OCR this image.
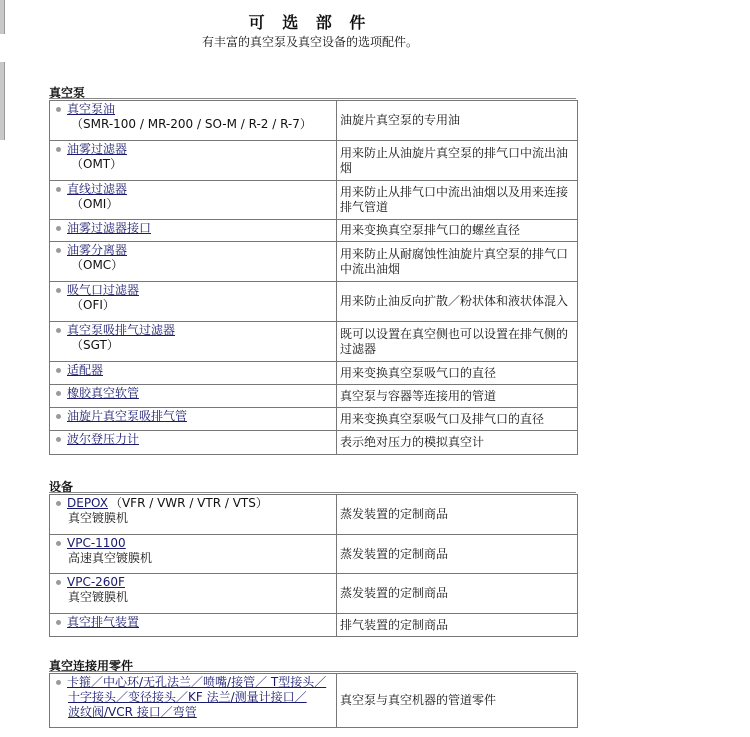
可 选 部 件
有丰富的真空泵及真空设备的选项配件。
真空泵
真空泵油
（SMR-100 / MR-200 / SO-M / R-2 / R-7）	油旋片真空泵的专用油
油雾过滤器
（OMT）	用来防止从油旋片真空泵的排气口中流出油烟
直线过滤器
（OMI）	用来防止从排气口中流出油烟以及用来连接排气管道
油雾过滤器接口	用来变换真空泵排气口的螺丝直径
油雾分离器
（OMC）	用来防止从耐腐蚀性油旋片真空泵的排气口中流出油烟
吸气口过滤器
（OFI）	用来防止油反向扩散／粉状体和液状体混入
真空泵吸排气过滤器
（SGT）	既可以设置在真空侧也可以设置在排气侧的过滤器
适配器	用来变换真空泵吸气口的直径
橡胶真空软管	真空泵与容器等连接用的管道
油旋片真空泵吸排气管	用来变换真空泵吸气口及排气口的直径
波尔登压力计	表示绝对压力的模拟真空计
设备
DEPOX （VFR / VWR / VTR / VTS）
真空镀膜机	蒸发装置的定制商品
VPC-1100
高速真空镀膜机	蒸发装置的定制商品
VPC-260F
真空镀膜机	蒸发装置的定制商品
真空排气装置	排气装置的定制商品
真空连接用零件
卡箍／中心环/无孔法兰／喷嘴/接管／ T型接头／
十字接头／变径接头／KF 法兰/测量计接口／
波纹阀/VCR 接口／弯管	真空泵与真空机器的管道零件
